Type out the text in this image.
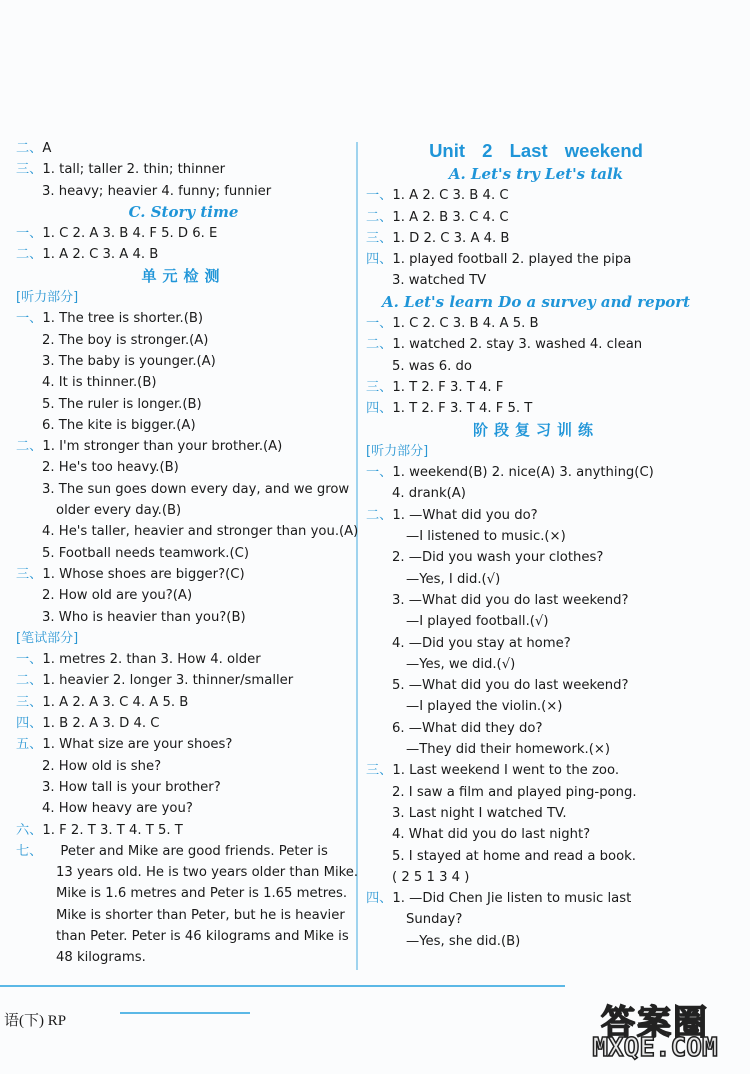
二、A
三、1. tall; taller 2. thin; thinner
3. heavy; heavier 4. funny; funnier
C. Story time
一、1. C 2. A 3. B 4. F 5. D 6. E
二、1. A 2. C 3. A 4. B
单元检测
[听力部分]
一、1. The tree is shorter.(B)
2. The boy is stronger.(A)
3. The baby is younger.(A)
4. It is thinner.(B)
5. The ruler is longer.(B)
6. The kite is bigger.(A)
二、1. I'm stronger than your brother.(A)
2. He's too heavy.(B)
3. The sun goes down every day, and we grow
older every day.(B)
4. He's taller, heavier and stronger than you.(A)
5. Football needs teamwork.(C)
三、1. Whose shoes are bigger?(C)
2. How old are you?(A)
3. Who is heavier than you?(B)
[笔试部分]
一、1. metres 2. than 3. How 4. older
二、1. heavier 2. longer 3. thinner/smaller
三、1. A 2. A 3. C 4. A 5. B
四、1. B 2. A 3. D 4. C
五、1. What size are your shoes?
2. How old is she?
3. How tall is your brother?
4. How heavy are you?
六、1. F 2. T 3. T 4. T 5. T
七、 Peter and Mike are good friends. Peter is
13 years old. He is two years older than Mike.
Mike is 1.6 metres and Peter is 1.65 metres.
Mike is shorter than Peter, but he is heavier
than Peter. Peter is 46 kilograms and Mike is
48 kilograms.
Unit 2 Last weekend
A. Let's try Let's talk
一、1. A 2. C 3. B 4. C
二、1. A 2. B 3. C 4. C
三、1. D 2. C 3. A 4. B
四、1. played football 2. played the pipa
3. watched TV
A. Let's learn Do a survey and report
一、1. C 2. C 3. B 4. A 5. B
二、1. watched 2. stay 3. washed 4. clean
5. was 6. do
三、1. T 2. F 3. T 4. F
四、1. T 2. F 3. T 4. F 5. T
阶段复习训练
[听力部分]
一、1. weekend(B) 2. nice(A) 3. anything(C)
4. drank(A)
二、1. —What did you do?
—I listened to music.(×)
2. —Did you wash your clothes?
—Yes, I did.(√)
3. —What did you do last weekend?
—I played football.(√)
4. —Did you stay at home?
—Yes, we did.(√)
5. —What did you do last weekend?
—I played the violin.(×)
6. —What did they do?
—They did their homework.(×)
三、1. Last weekend I went to the zoo.
2. I saw a film and played ping-pong.
3. Last night I watched TV.
4. What did you do last night?
5. I stayed at home and read a book.
( 2 5 1 3 4 )
四、1. —Did Chen Jie listen to music last
Sunday?
—Yes, she did.(B)
语(下) RP	答案圈
MXQE.COM
